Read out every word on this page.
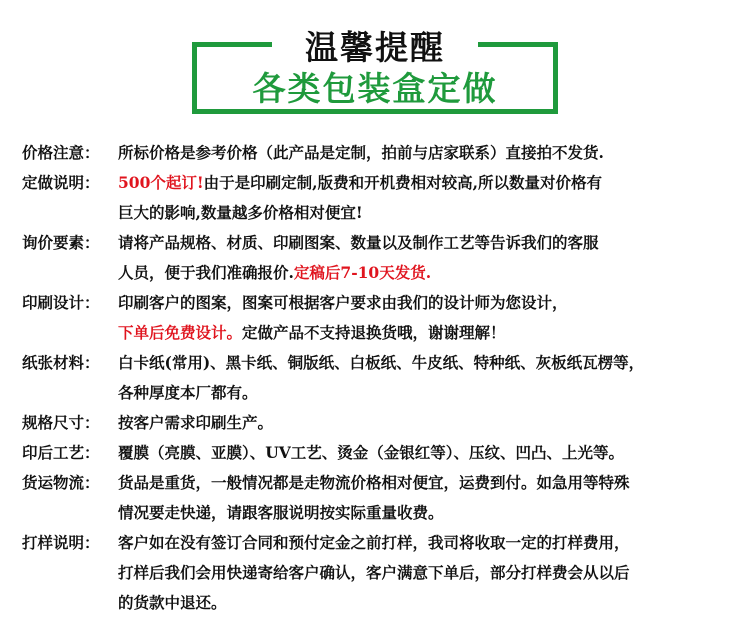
温馨提醒
各类包装盒定做
价格注意：	所标价格是参考价格（此产品是定制，拍前与店家联系）直接拍不发货.
定做说明：	500个起订!由于是印刷定制,版费和开机费相对较高,所以数量对价格有
巨大的影响,数量越多价格相对便宜!
询价要素：	请将产品规格、材质、印刷图案、数量以及制作工艺等告诉我们的客服
人员，便于我们准确报价.定稿后7-10天发货.
印刷设计：	印刷客户的图案，图案可根据客户要求由我们的设计师为您设计，
下单后免费设计。定做产品不支持退换货哦，谢谢理解！
纸张材料：	白卡纸(常用)、黑卡纸、铜版纸、白板纸、牛皮纸、特种纸、灰板纸瓦楞等，
各种厚度本厂都有。
规格尺寸：	按客户需求印刷生产。
印后工艺：	覆膜（亮膜、亚膜）、UV工艺、烫金（金银红等）、压纹、凹凸、上光等。
货运物流：	货品是重货，一般情况都是走物流价格相对便宜，运费到付。如急用等特殊
情况要走快递，请跟客服说明按实际重量收费。
打样说明：	客户如在没有签订合同和预付定金之前打样，我司将收取一定的打样费用，
打样后我们会用快递寄给客户确认，客户满意下单后，部分打样费会从以后
的货款中退还。
